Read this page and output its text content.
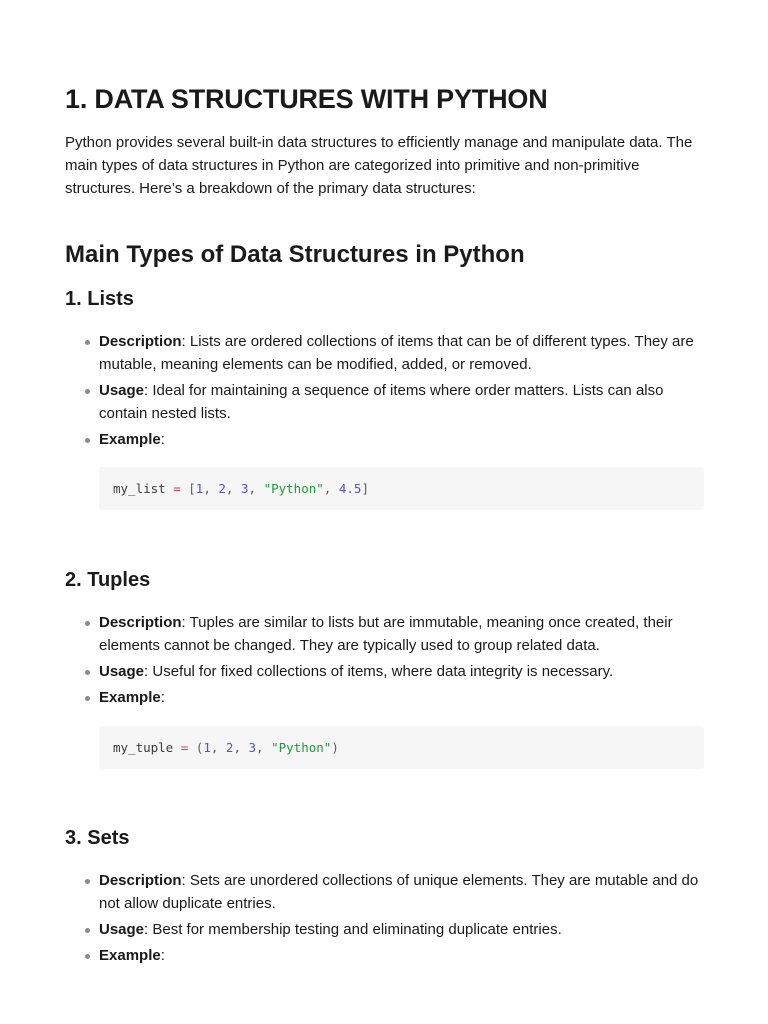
1. DATA STRUCTURES WITH PYTHON

Python provides several built-in data structures to efficiently manage and manipulate data. The main types of data structures in Python are categorized into primitive and non-primitive structures. Here’s a breakdown of the primary data structures:

Main Types of Data Structures in Python
1. Lists
Description: Lists are ordered collections of items that can be of different types. They are mutable, meaning elements can be modified, added, or removed.
Usage: Ideal for maintaining a sequence of items where order matters. Lists can also contain nested lists.
Example:
my_list = [1, 2, 3, "Python", 4.5]
2. Tuples
Description: Tuples are similar to lists but are immutable, meaning once created, their elements cannot be changed. They are typically used to group related data.
Usage: Useful for fixed collections of items, where data integrity is necessary.
Example:
my_tuple = (1, 2, 3, "Python")
3. Sets
Description: Sets are unordered collections of unique elements. They are mutable and do not allow duplicate entries.
Usage: Best for membership testing and eliminating duplicate entries.
Example:
